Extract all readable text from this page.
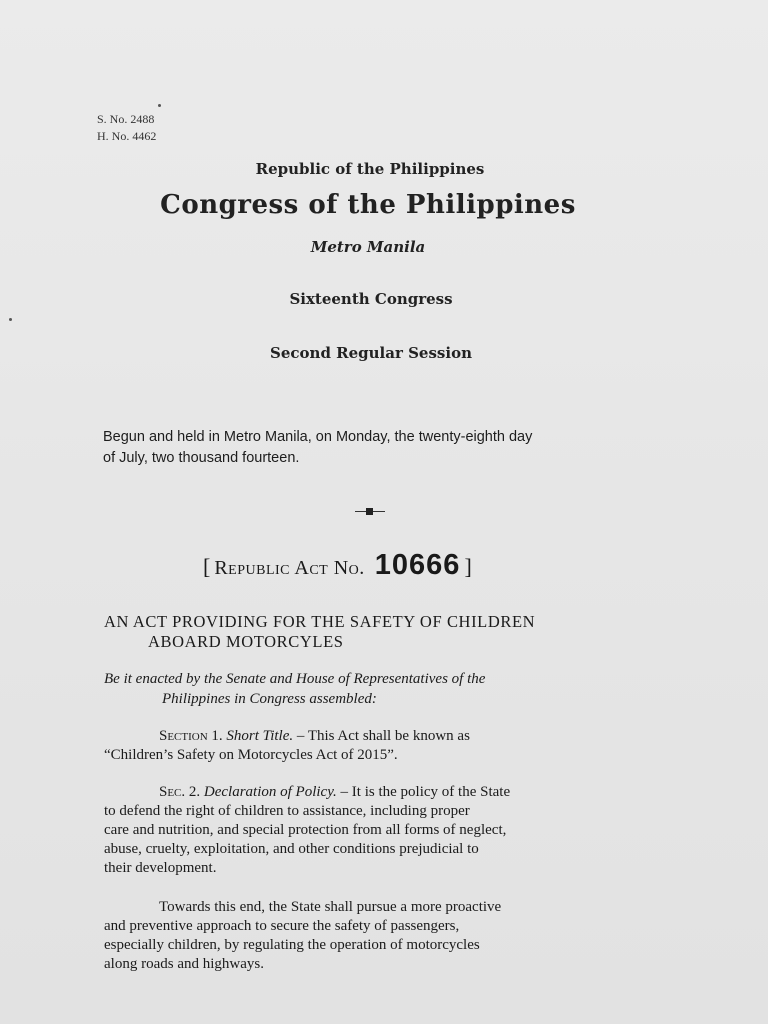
S. No. 2488
H. No. 4462
Republic of the Philippines
Congress of the Philippines
Metro Manila
Sixteenth Congress
Second Regular Session
Begun and held in Metro Manila, on Monday, the twenty-eighth day
of July, two thousand fourteen.
[ Republic Act No. 10666 ]
AN ACT PROVIDING FOR THE SAFETY OF CHILDREN
ABOARD MOTORCYLES
Be it enacted by the Senate and House of Representatives of the
Philippines in Congress assembled:
Section 1. Short Title. – This Act shall be known as
“Children’s Safety on Motorcycles Act of 2015”.
Sec. 2. Declaration of Policy. – It is the policy of the State
to defend the right of children to assistance, including proper
care and nutrition, and special protection from all forms of neglect,
abuse, cruelty, exploitation, and other conditions prejudicial to
their development.
Towards this end, the State shall pursue a more proactive
and preventive approach to secure the safety of passengers,
especially children, by regulating the operation of motorcycles
along roads and highways.
